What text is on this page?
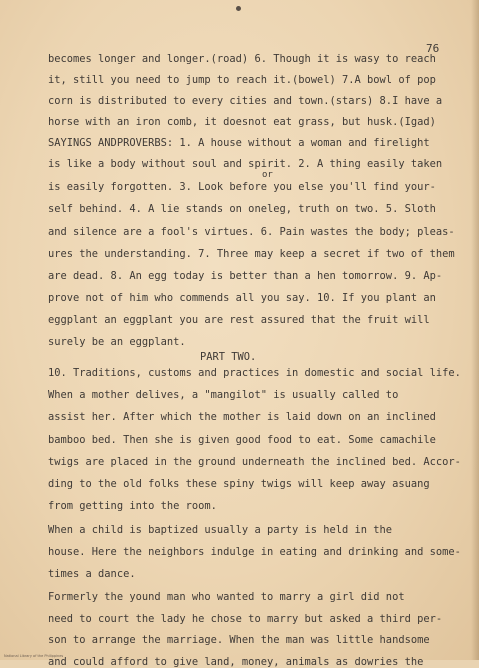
76
becomes longer and longer.(road) 6. Though it is wasy to reach
it, still you need to jump to reach it.(bowel) 7.A bowl of pop
corn is distributed to every cities and town.(stars) 8.I have a
horse with an iron comb, it doesnot eat grass, but husk.(Igad)
SAYINGS ANDPROVERBS: 1. A house without a woman and firelight
is like a body without soul and spirit. 2. A thing easily taken
or
is easily forgotten. 3. Look before you else you'll find your-
self behind. 4. A lie stands on oneleg, truth on two. 5. Sloth
and silence are a fool's virtues. 6. Pain wastes the body; pleas-
ures the understanding. 7. Three may keep a secret if two of them
are dead. 8. An egg today is better than a hen tomorrow. 9. Ap-
prove not of him who commends all you say. 10. If you plant an
eggplant an eggplant you are rest assured that the fruit will
surely be an eggplant.
PART TWO.
10. Traditions, customs and practices in domestic and social life.
When a mother delives, a "mangilot" is usually called to
assist her. After which the mother is laid down on an inclined
bamboo bed. Then she is given good food to eat. Some camachile
twigs are placed in the ground underneath the inclined bed. Accor-
ding to the old folks these spiny twigs will keep away asuang
from getting into the room.
When a child is baptized usually a party is held in the
house. Here the neighbors indulge in eating and drinking and some-
times a dance.
Formerly the yound man who wanted to marry a girl did not
need to court the lady he chose to marry but asked a third per-
son to arrange the marriage. When the man was little handsome
and could afford to give land, money, animals as dowries the
National Library of the Philippines
